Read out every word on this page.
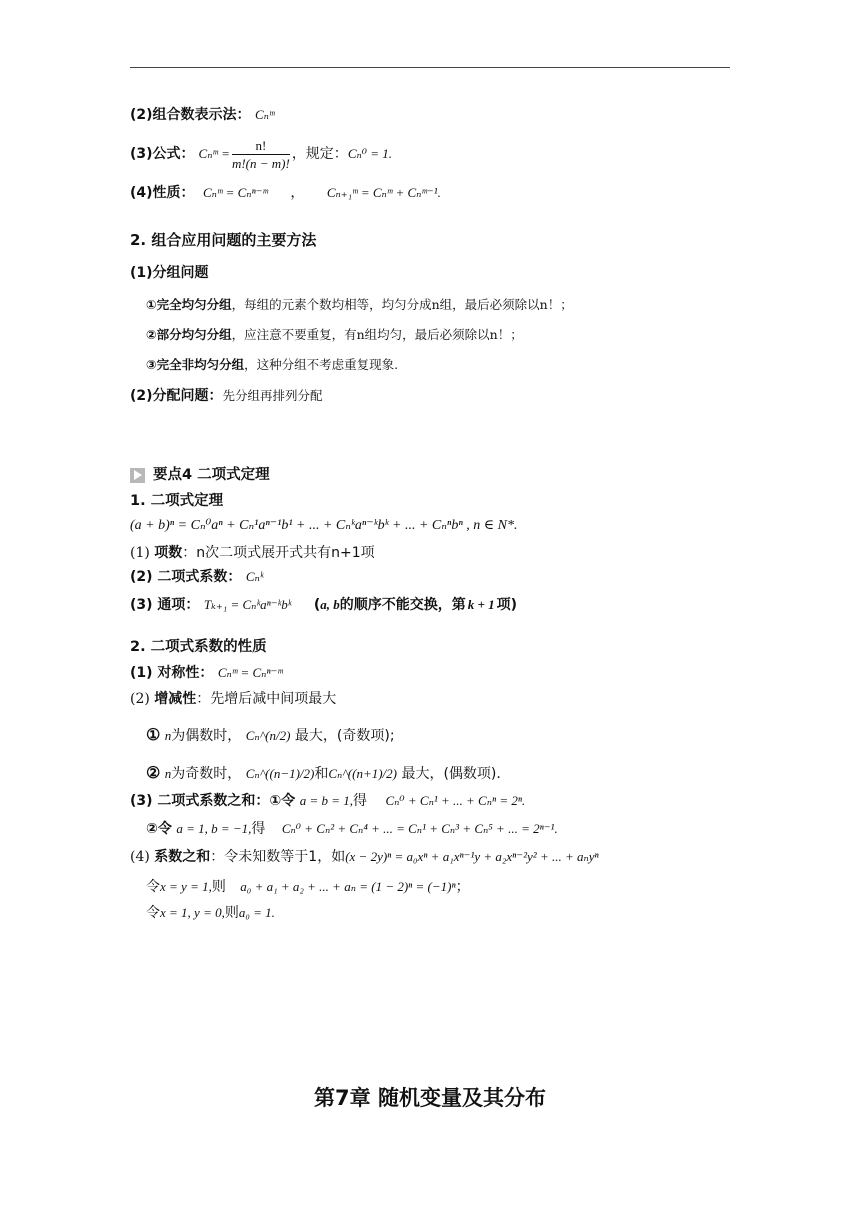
(2)组合数表示法： Cₙᵐ
(3)公式： Cₙᵐ = $\frac{n!}{m!(n - m)!}$ ，规定： Cₙ⁰ = 1.
(4)性质： Cₙᵐ = Cₙⁿ⁻ᵐ ， Cₙ₊₁ᵐ = Cₙᵐ + Cₙᵐ⁻¹.
2. 组合应用问题的主要方法
(1)分组问题
①完全均匀分组，每组的元素个数均相等，均匀分成n组，最后必须除以n！；
②部分均匀分组，应注意不要重复，有n组均匀，最后必须除以n！；
③完全非均匀分组，这种分组不考虑重复现象.
(2)分配问题：先分组再排列分配
要点4 二项式定理
1. 二项式定理
(a + b)ⁿ = Cₙ⁰aⁿ + Cₙ¹aⁿ⁻¹b¹ + ... + Cₙᵏaⁿ⁻ᵏbᵏ + ... + Cₙⁿbⁿ , n ∈ N*.
(1) 项数：n次二项式展开式共有n+1项
(2) 二项式系数： Cₙᵏ
(3) 通项： Tₖ₊₁ = Cₙᵏaⁿ⁻ᵏbᵏ (a, b的顺序不能交换，第 k + 1 项)
2. 二项式系数的性质
(1) 对称性： Cₙᵐ = Cₙⁿ⁻ᵐ
(2) 增减性：先增后减中间项最大
① n为偶数时， Cₙ^(n/2) 最大，(奇数项);
② n为奇数时， Cₙ^((n−1)/2)和Cₙ^((n+1)/2) 最大，(偶数项).
(3) 二项式系数之和：①令 a = b = 1,得 Cₙ⁰ + Cₙ¹ + ... + Cₙⁿ = 2ⁿ.
②令 a = 1, b = −1,得 Cₙ⁰ + Cₙ² + Cₙ⁴ + ... = Cₙ¹ + Cₙ³ + Cₙ⁵ + ... = 2ⁿ⁻¹.
(4) 系数之和：令未知数等于1，如(x − 2y)ⁿ = a₀xⁿ + a₁xⁿ⁻¹y + a₂xⁿ⁻²y² + ... + aₙyⁿ
令x = y = 1,则 a₀ + a₁ + a₂ + ... + aₙ = (1 − 2)ⁿ = (−1)ⁿ；
令x = 1, y = 0,则a₀ = 1.
第7章 随机变量及其分布
